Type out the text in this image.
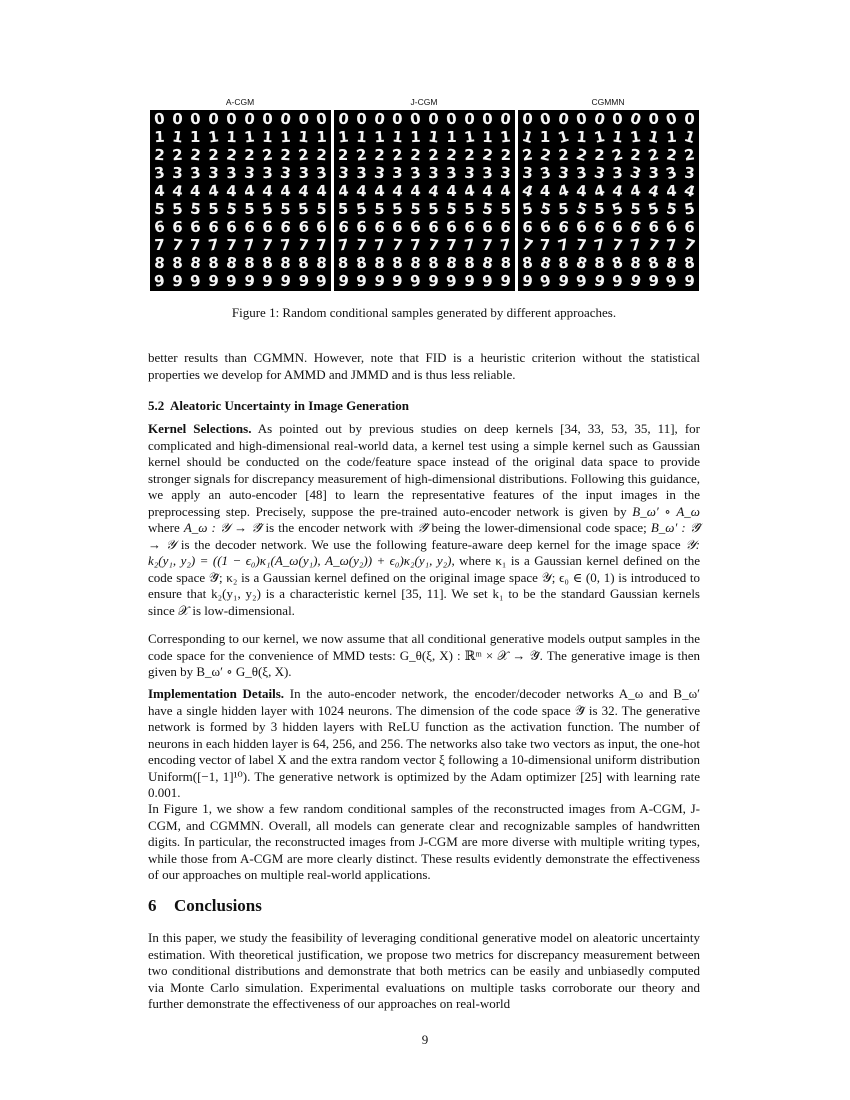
A-CGM	J-CGM	CGMMN
0 0 0 0 0 0 0 0 0 0
1 1 1 1 1 1 1 1 1 1
2 2 2 2 2 2 2 2 2 2
3 3 3 3 3 3 3 3 3 3
4 4 4 4 4 4 4 4 4 4
5 5 5 5 5 5 5 5 5 5
6 6 6 6 6 6 6 6 6 6
7 7 7 7 7 7 7 7 7 7
8 8 8 8 8 8 8 8 8 8
9 9 9 9 9 9 9 9 9 9
0 0 0 0 0 0 0 0 0 0
1 1 1 1 1 1 1 1 1 1
2 2 2 2 2 2 2 2 2 2
3 3 3 3 3 3 3 3 3 3
4 4 4 4 4 4 4 4 4 4
5 5 5 5 5 5 5 5 5 5
6 6 6 6 6 6 6 6 6 6
7 7 7 7 7 7 7 7 7 7
8 8 8 8 8 8 8 8 8 8
9 9 9 9 9 9 9 9 9 9
0 0 0 0 0 0 0 0 0 0
1 1 1 1 1 1 1 1 1 1
2 2 2 2 2 2 2 2 2 2
3 3 3 3 3 3 3 3 3 3
4 4 4 4 4 4 4 4 4 4
5 5 5 5 5 5 5 5 5 5
6 6 6 6 6 6 6 6 6 6
7 7 7 7 7 7 7 7 7 7
8 8 8 8 8 8 8 8 8 8
9 9 9 9 9 9 9 9 9 9
Figure 1: Random conditional samples generated by different approaches.
better results than CGMMN. However, note that FID is a heuristic criterion without the statistical properties we develop for AMMD and JMMD and is thus less reliable.
5.2 Aleatoric Uncertainty in Image Generation
Kernel Selections. As pointed out by previous studies on deep kernels [34, 33, 53, 35, 11], for complicated and high-dimensional real-world data, a kernel test using a simple kernel such as Gaussian kernel should be conducted on the code/feature space instead of the original data space to provide stronger signals for discrepancy measurement of high-dimensional distributions. Following this guidance, we apply an auto-encoder [48] to learn the representative features of the input images in the preprocessing step. Precisely, suppose the pre-trained auto-encoder network is given by B_ω′ ∘ A_ω where A_ω : 𝒴 → 𝒴̂ is the encoder network with 𝒴̂ being the lower-dimensional code space; B_ω′ : 𝒴̂ → 𝒴 is the decoder network. We use the following feature-aware deep kernel for the image space 𝒴: k₂(y₁, y₂) = ((1 − ϵ₀)κ₁(A_ω(y₁), A_ω(y₂)) + ϵ₀)κ₂(y₁, y₂), where κ₁ is a Gaussian kernel defined on the code space 𝒴̂; κ₂ is a Gaussian kernel defined on the original image space 𝒴; ϵ₀ ∈ (0, 1) is introduced to ensure that k₂(y₁, y₂) is a characteristic kernel [35, 11]. We set k₁ to be the standard Gaussian kernels since 𝒳 is low-dimensional.
Corresponding to our kernel, we now assume that all conditional generative models output samples in the code space for the convenience of MMD tests: G_θ(ξ, X) : ℝᵐ × 𝒳 → 𝒴̂. The generative image is then given by B_ω′ ∘ G_θ(ξ, X).
Implementation Details. In the auto-encoder network, the encoder/decoder networks A_ω and B_ω′ have a single hidden layer with 1024 neurons. The dimension of the code space 𝒴̂ is 32. The generative network is formed by 3 hidden layers with ReLU function as the activation function. The number of neurons in each hidden layer is 64, 256, and 256. The networks also take two vectors as input, the one-hot encoding vector of label X and the extra random vector ξ following a 10-dimensional uniform distribution Uniform([−1, 1]¹⁰). The generative network is optimized by the Adam optimizer [25] with learning rate 0.001.
In Figure 1, we show a few random conditional samples of the reconstructed images from A-CGM, J-CGM, and CGMMN. Overall, all models can generate clear and recognizable samples of handwritten digits. In particular, the reconstructed images from J-CGM are more diverse with multiple writing types, while those from A-CGM are more clearly distinct. These results evidently demonstrate the effectiveness of our approaches on multiple real-world applications.
6 Conclusions
In this paper, we study the feasibility of leveraging conditional generative model on aleatoric uncertainty estimation. With theoretical justification, we propose two metrics for discrepancy measurement between two conditional distributions and demonstrate that both metrics can be easily and unbiasedly computed via Monte Carlo simulation. Experimental evaluations on multiple tasks corroborate our theory and further demonstrate the effectiveness of our approaches on real-world
9
